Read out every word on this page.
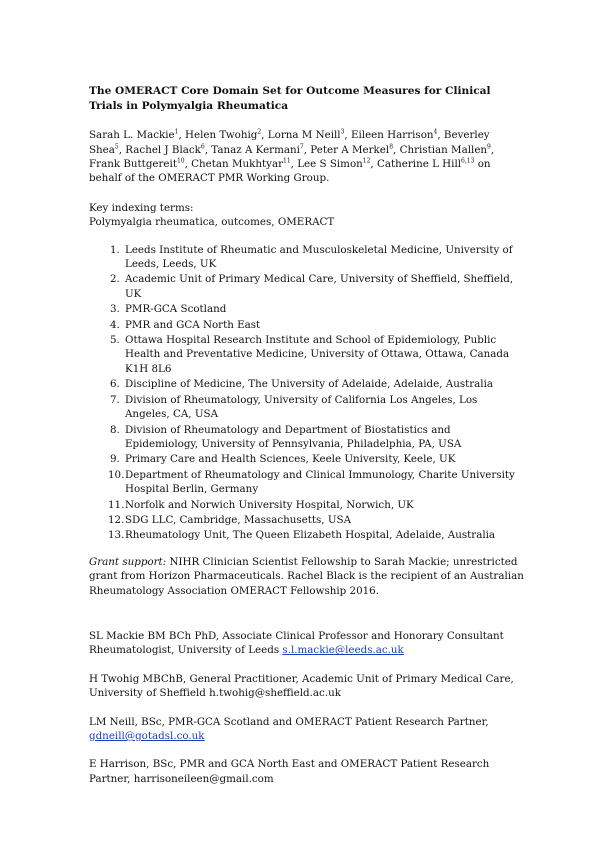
The OMERACT Core Domain Set for Outcome Measures for Clinical Trials in Polymyalgia Rheumatica
Sarah L. Mackie$^1$, Helen Twohig$^2$, Lorna M Neill$^3$, Eileen Harrison$^4$, Beverley Shea$^5$, Rachel J Black$^6$, Tanaz A Kermani$^7$, Peter A Merkel$^8$, Christian Mallen$^9$, Frank Buttgereit$^{10}$, Chetan Mukhtyar$^{11}$, Lee S Simon$^{12}$, Catherine L Hill$^{6,13}$ on behalf of the OMERACT PMR Working Group.
Key indexing terms:
Polymyalgia rheumatica, outcomes, OMERACT
1. Leeds Institute of Rheumatic and Musculoskeletal Medicine, University of Leeds, Leeds, UK
2. Academic Unit of Primary Medical Care, University of Sheffield, Sheffield, UK
3. PMR-GCA Scotland
4. PMR and GCA North East
5. Ottawa Hospital Research Institute and School of Epidemiology, Public Health and Preventative Medicine, University of Ottawa, Ottawa, Canada K1H 8L6
6. Discipline of Medicine, The University of Adelaide, Adelaide, Australia
7. Division of Rheumatology, University of California Los Angeles, Los Angeles, CA, USA
8. Division of Rheumatology and Department of Biostatistics and Epidemiology, University of Pennsylvania, Philadelphia, PA, USA
9. Primary Care and Health Sciences, Keele University, Keele, UK
10. Department of Rheumatology and Clinical Immunology, Charite University Hospital Berlin, Germany
11. Norfolk and Norwich University Hospital, Norwich, UK
12. SDG LLC, Cambridge, Massachusetts, USA
13. Rheumatology Unit, The Queen Elizabeth Hospital, Adelaide, Australia
Grant support: NIHR Clinician Scientist Fellowship to Sarah Mackie; unrestricted grant from Horizon Pharmaceuticals. Rachel Black is the recipient of an Australian Rheumatology Association OMERACT Fellowship 2016.
SL Mackie BM BCh PhD, Associate Clinical Professor and Honorary Consultant Rheumatologist, University of Leeds s.l.mackie@leeds.ac.uk
H Twohig MBChB, General Practitioner, Academic Unit of Primary Medical Care, University of Sheffield h.twohig@sheffield.ac.uk
LM Neill, BSc, PMR-GCA Scotland and OMERACT Patient Research Partner, gdneill@gotadsl.co.uk
E Harrison, BSc, PMR and GCA North East and OMERACT Patient Research Partner, harrisoneileen@gmail.com
